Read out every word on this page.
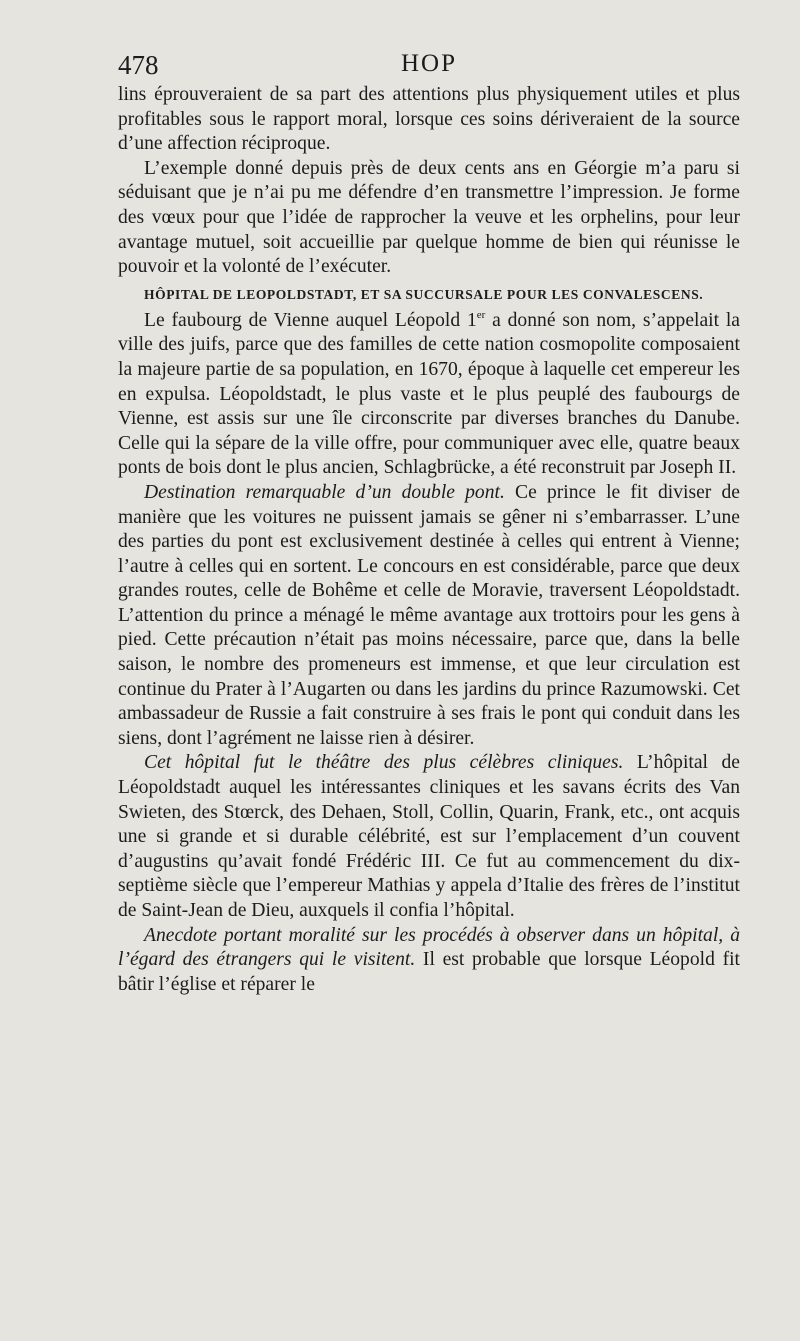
478	HOP

lins éprouveraient de sa part des attentions plus physiquement utiles et plus profitables sous le rapport moral, lorsque ces soins dériveraient de la source d’une affection réciproque.

L’exemple donné depuis près de deux cents ans en Géorgie m’a paru si séduisant que je n’ai pu me défendre d’en transmettre l’impression. Je forme des vœux pour que l’idée de rapprocher la veuve et les orphelins, pour leur avantage mutuel, soit accueillie par quelque homme de bien qui réunisse le pouvoir et la volonté de l’exécuter.

HÔPITAL DE LEOPOLDSTADT, ET SA SUCCURSALE POUR LES CONVALESCENS.

Le faubourg de Vienne auquel Léopold 1er a donné son nom, s’appelait la ville des juifs, parce que des familles de cette nation cosmopolite composaient la majeure partie de sa population, en 1670, époque à laquelle cet empereur les en expulsa. Léopoldstadt, le plus vaste et le plus peuplé des faubourgs de Vienne, est assis sur une île circonscrite par diverses branches du Danube. Celle qui la sépare de la ville offre, pour communiquer avec elle, quatre beaux ponts de bois dont le plus ancien, Schlagbrücke, a été reconstruit par Joseph II.

Destination remarquable d’un double pont. Ce prince le fit diviser de manière que les voitures ne puissent jamais se gêner ni s’embarrasser. L’une des parties du pont est exclusivement destinée à celles qui entrent à Vienne; l’autre à celles qui en sortent. Le concours en est considérable, parce que deux grandes routes, celle de Bohême et celle de Moravie, traversent Léopoldstadt. L’attention du prince a ménagé le même avantage aux trottoirs pour les gens à pied. Cette précaution n’était pas moins nécessaire, parce que, dans la belle saison, le nombre des promeneurs est immense, et que leur circulation est continue du Prater à l’Augarten ou dans les jardins du prince Razumowski. Cet ambassadeur de Russie a fait construire à ses frais le pont qui conduit dans les siens, dont l’agrément ne laisse rien à désirer.

Cet hôpital fut le théâtre des plus célèbres cliniques. L’hôpital de Léopoldstadt auquel les intéressantes cliniques et les savans écrits des Van Swieten, des Stœrck, des Dehaen, Stoll, Collin, Quarin, Frank, etc., ont acquis une si grande et si durable célébrité, est sur l’emplacement d’un couvent d’augustins qu’avait fondé Frédéric III. Ce fut au commencement du dix-septième siècle que l’empereur Mathias y appela d’Italie des frères de l’institut de Saint-Jean de Dieu, auxquels il confia l’hôpital.

Anecdote portant moralité sur les procédés à observer dans un hôpital, à l’égard des étrangers qui le visitent. Il est probable que lorsque Léopold fit bâtir l’église et réparer le
